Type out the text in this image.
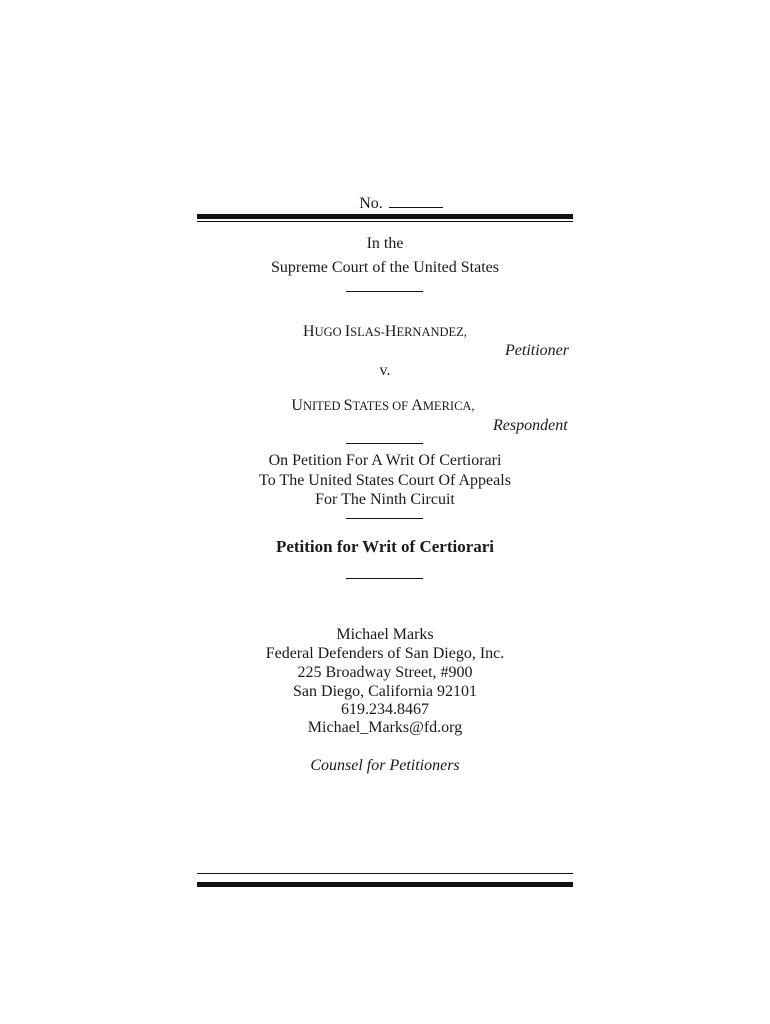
No.
In the
Supreme Court of the United States
HUGO ISLAS-HERNANDEZ,
Petitioner
v.
UNITED STATES OF AMERICA,
Respondent
On Petition For A Writ Of Certiorari
To The United States Court Of Appeals
For The Ninth Circuit
Petition for Writ of Certiorari
Michael Marks
Federal Defenders of San Diego, Inc.
225 Broadway Street, #900
San Diego, California 92101
619.234.8467
Michael_Marks@fd.org
Counsel for Petitioners
